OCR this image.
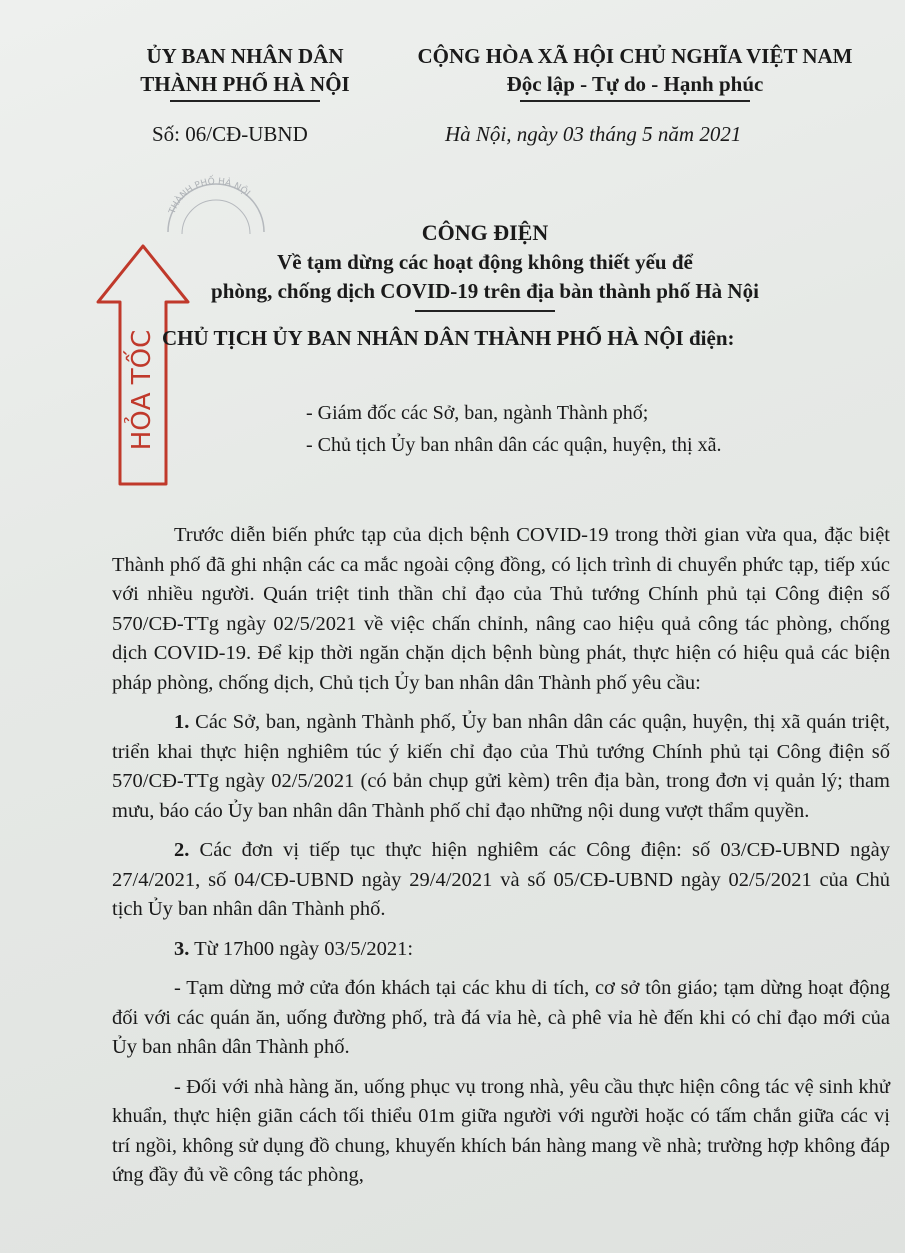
ỦY BAN NHÂN DÂN

THÀNH PHỐ HÀ NỘI

CỘNG HÒA XÃ HỘI CHỦ NGHĨA VIỆT NAM

Độc lập - Tự do - Hạnh phúc

Số: 06/CĐ-UBND	Hà Nội, ngày 03 tháng 5 năm 2021
THÀNH PHỐ HÀ NỘI
HỎA TỐC

CÔNG ĐIỆN

Về tạm dừng các hoạt động không thiết yếu để

phòng, chống dịch COVID-19 trên địa bàn thành phố Hà Nội

CHỦ TỊCH ỦY BAN NHÂN DÂN THÀNH PHỐ HÀ NỘI điện:

- Giám đốc các Sở, ban, ngành Thành phố;

- Chủ tịch Ủy ban nhân dân các quận, huyện, thị xã.

Trước diễn biến phức tạp của dịch bệnh COVID-19 trong thời gian vừa qua, đặc biệt Thành phố đã ghi nhận các ca mắc ngoài cộng đồng, có lịch trình di chuyển phức tạp, tiếp xúc với nhiều người. Quán triệt tinh thần chỉ đạo của Thủ tướng Chính phủ tại Công điện số 570/CĐ-TTg ngày 02/5/2021 về việc chấn chỉnh, nâng cao hiệu quả công tác phòng, chống dịch COVID-19. Để kịp thời ngăn chặn dịch bệnh bùng phát, thực hiện có hiệu quả các biện pháp phòng, chống dịch, Chủ tịch Ủy ban nhân dân Thành phố yêu cầu:

1. Các Sở, ban, ngành Thành phố, Ủy ban nhân dân các quận, huyện, thị xã quán triệt, triển khai thực hiện nghiêm túc ý kiến chỉ đạo của Thủ tướng Chính phủ tại Công điện số 570/CĐ-TTg ngày 02/5/2021 (có bản chụp gửi kèm) trên địa bàn, trong đơn vị quản lý; tham mưu, báo cáo Ủy ban nhân dân Thành phố chỉ đạo những nội dung vượt thẩm quyền.

2. Các đơn vị tiếp tục thực hiện nghiêm các Công điện: số 03/CĐ-UBND ngày 27/4/2021, số 04/CĐ-UBND ngày 29/4/2021 và số 05/CĐ-UBND ngày 02/5/2021 của Chủ tịch Ủy ban nhân dân Thành phố.

3. Từ 17h00 ngày 03/5/2021:

- Tạm dừng mở cửa đón khách tại các khu di tích, cơ sở tôn giáo; tạm dừng hoạt động đối với các quán ăn, uống đường phố, trà đá vỉa hè, cà phê vỉa hè đến khi có chỉ đạo mới của Ủy ban nhân dân Thành phố.

- Đối với nhà hàng ăn, uống phục vụ trong nhà, yêu cầu thực hiện công tác vệ sinh khử khuẩn, thực hiện giãn cách tối thiểu 01m giữa người với người hoặc có tấm chắn giữa các vị trí ngồi, không sử dụng đồ chung, khuyến khích bán hàng mang về nhà; trường hợp không đáp ứng đầy đủ về công tác phòng,
